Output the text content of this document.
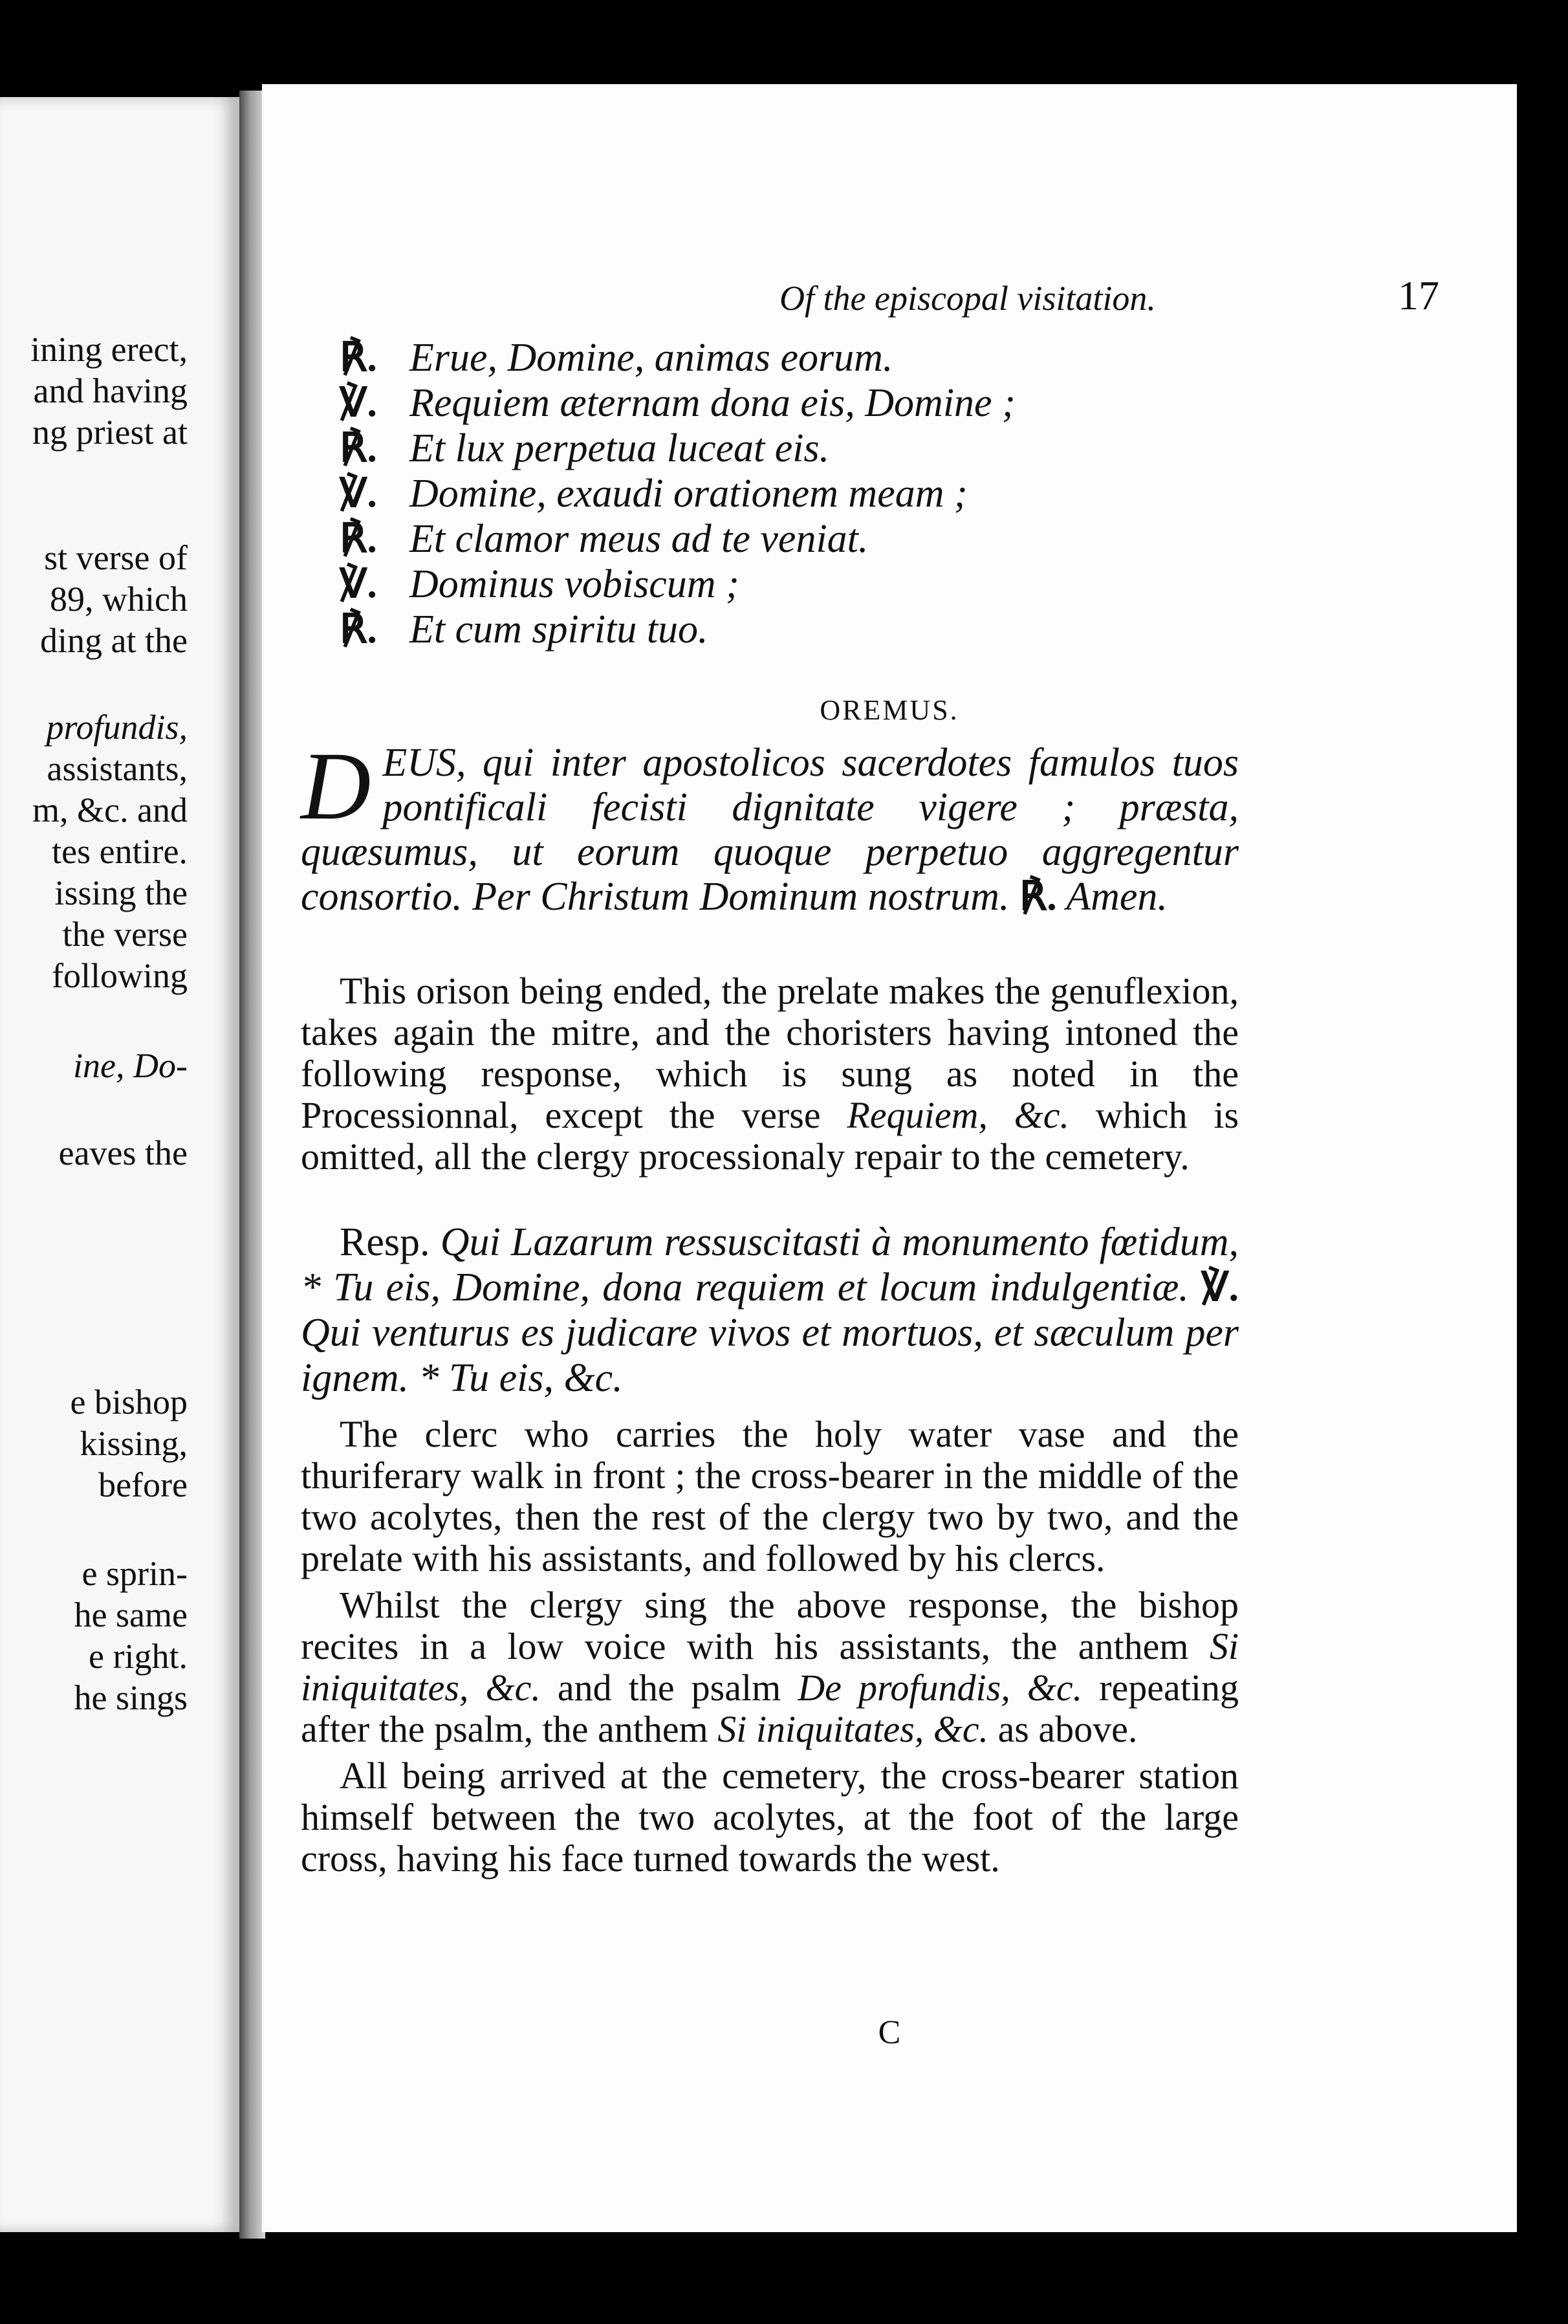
ining erect,
and having
ng priest at
st verse of
89, which
ding at the
profundis,
assistants,
m, &c. and
tes entire.
issing the
the verse
following
ine, Do-
eaves the
e bishop
kissing,
before
e sprin-
he same
e right.
he sings
Of the episcopal visitation.	17
℟. Erue, Domine, animas eorum.
℣. Requiem æternam dona eis, Domine ;
℟. Et lux perpetua luceat eis.
℣. Domine, exaudi orationem meam ;
℟. Et clamor meus ad te veniat.
℣. Dominus vobiscum ;
℟. Et cum spiritu tuo.
OREMUS.
DEUS, qui inter apostolicos sacerdotes famulos tuos pontificali fecisti dignitate vigere ; præsta, quæsumus, ut eorum quoque perpetuo aggregentur consortio. Per Christum Dominum nostrum. ℟. Amen.
This orison being ended, the prelate makes the genuflexion, takes again the mitre, and the choristers having intoned the following response, which is sung as noted in the Processionnal, except the verse Requiem, &c. which is omitted, all the clergy processionaly repair to the cemetery.
Resp. Qui Lazarum ressuscitasti à monumento fœtidum, * Tu eis, Domine, dona requiem et locum indulgentiæ. ℣. Qui venturus es judicare vivos et mortuos, et sæculum per ignem. * Tu eis, &c.
The clerc who carries the holy water vase and the thuriferary walk in front ; the cross-bearer in the middle of the two acolytes, then the rest of the clergy two by two, and the prelate with his assistants, and followed by his clercs.
Whilst the clergy sing the above response, the bishop recites in a low voice with his assistants, the anthem Si iniquitates, &c. and the psalm De profundis, &c. repeating after the psalm, the anthem Si iniquitates, &c. as above.
All being arrived at the cemetery, the cross-bearer station himself between the two acolytes, at the foot of the large cross, having his face turned towards the west.
C
